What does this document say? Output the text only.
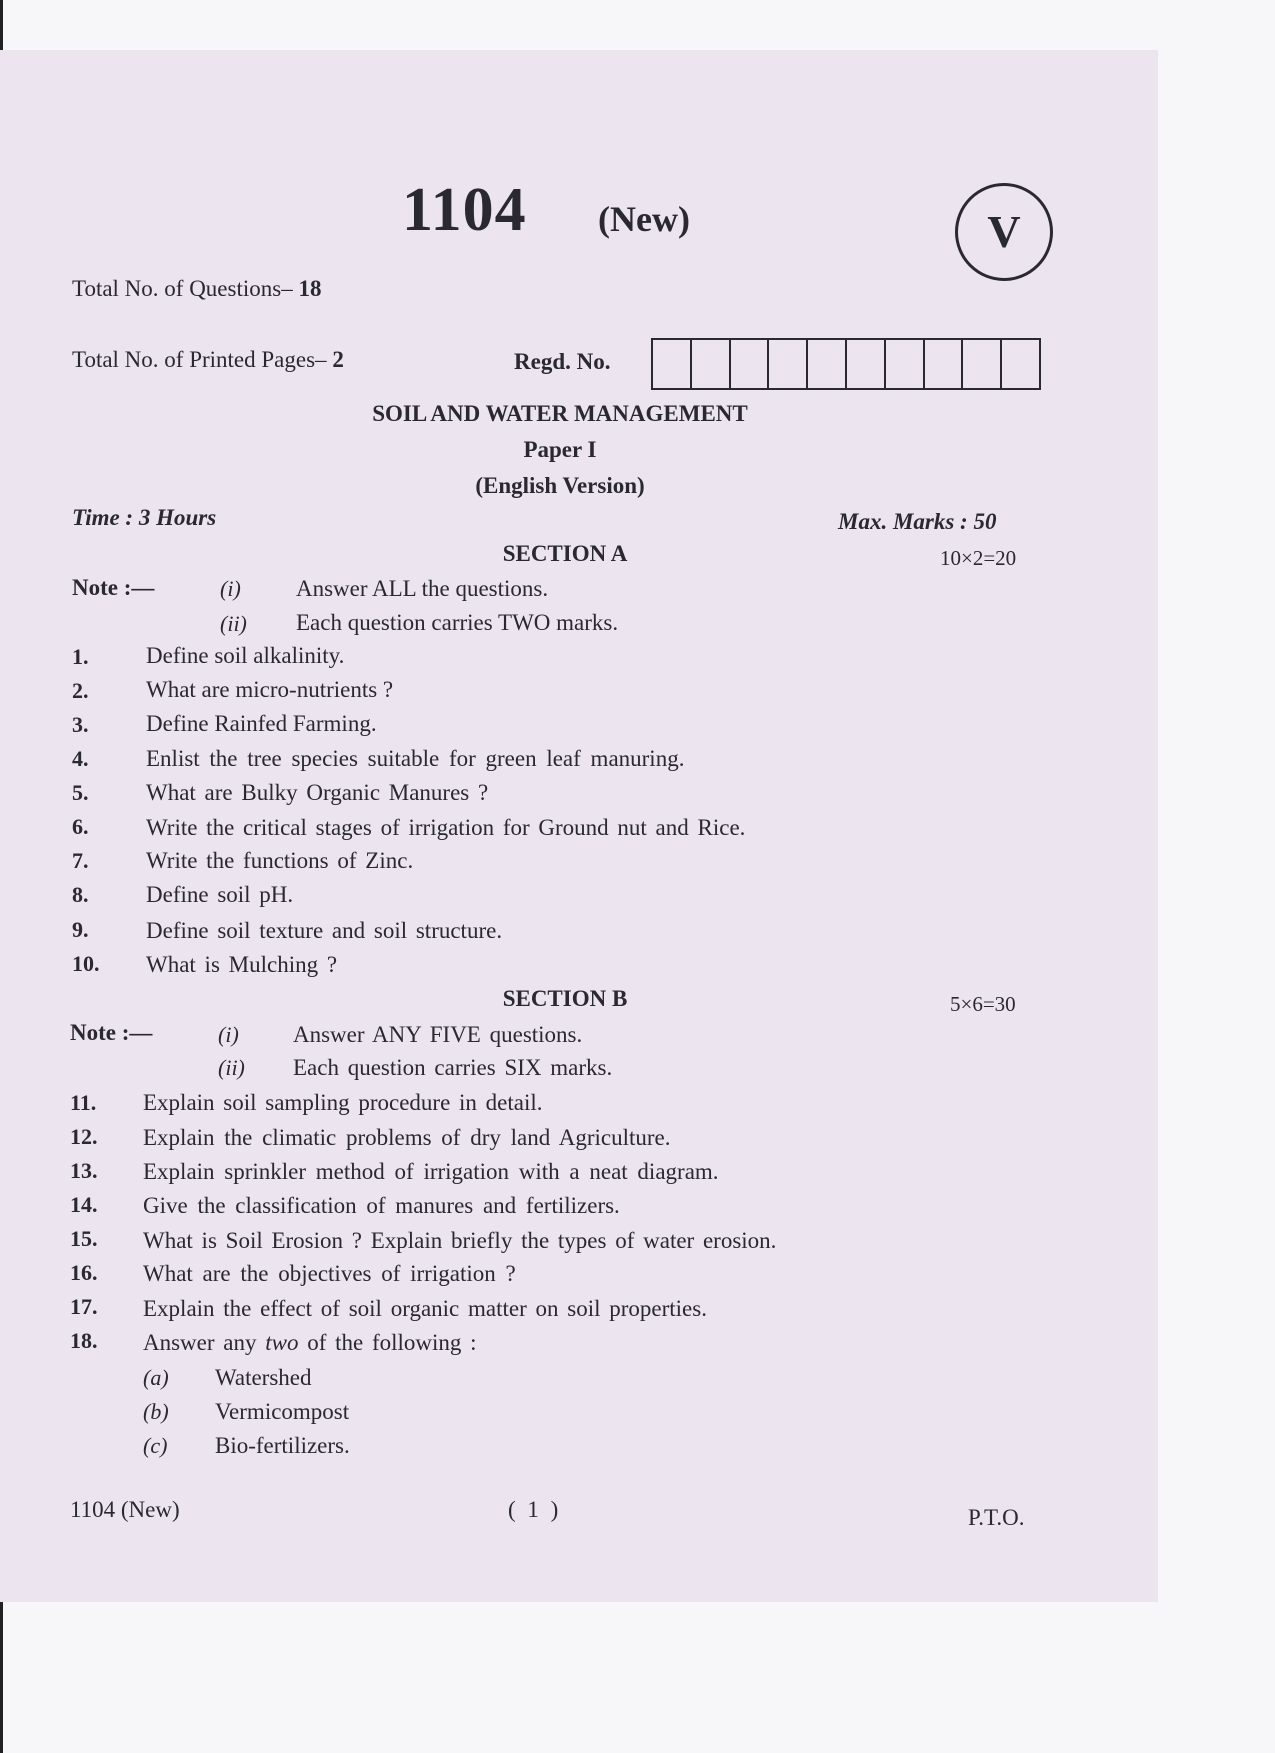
1104 (New)	V
Total No. of Questions– 18
Total No. of Printed Pages– 2	Regd. No.
SOIL AND WATER MANAGEMENT
Paper I
(English Version)
Time : 3 Hours	Max. Marks : 50
SECTION A	10×2=20
Note :—	(i) Answer ALL the questions.
(ii) Each question carries TWO marks.
1.	Define soil alkalinity.
2.	What are micro-nutrients ?
3.	Define Rainfed Farming.
4.	Enlist the tree species suitable for green leaf manuring.
5.	What are Bulky Organic Manures ?
6.	Write the critical stages of irrigation for Ground nut and Rice.
7.	Write the functions of Zinc.
8.	Define soil pH.
9.	Define soil texture and soil structure.
10. What is Mulching ?
SECTION B	5×6=30
Note :—	(i) Answer ANY FIVE questions.
(ii) Each question carries SIX marks.
11. Explain soil sampling procedure in detail.
12. Explain the climatic problems of dry land Agriculture.
13. Explain sprinkler method of irrigation with a neat diagram.
14. Give the classification of manures and fertilizers.
15. What is Soil Erosion ? Explain briefly the types of water erosion.
16. What are the objectives of irrigation ?
17. Explain the effect of soil organic matter on soil properties.
18. Answer any two of the following :
(a) Watershed
(b) Vermicompost
(c) Bio-fertilizers.
1104 (New)	( 1 )	P.T.O.
